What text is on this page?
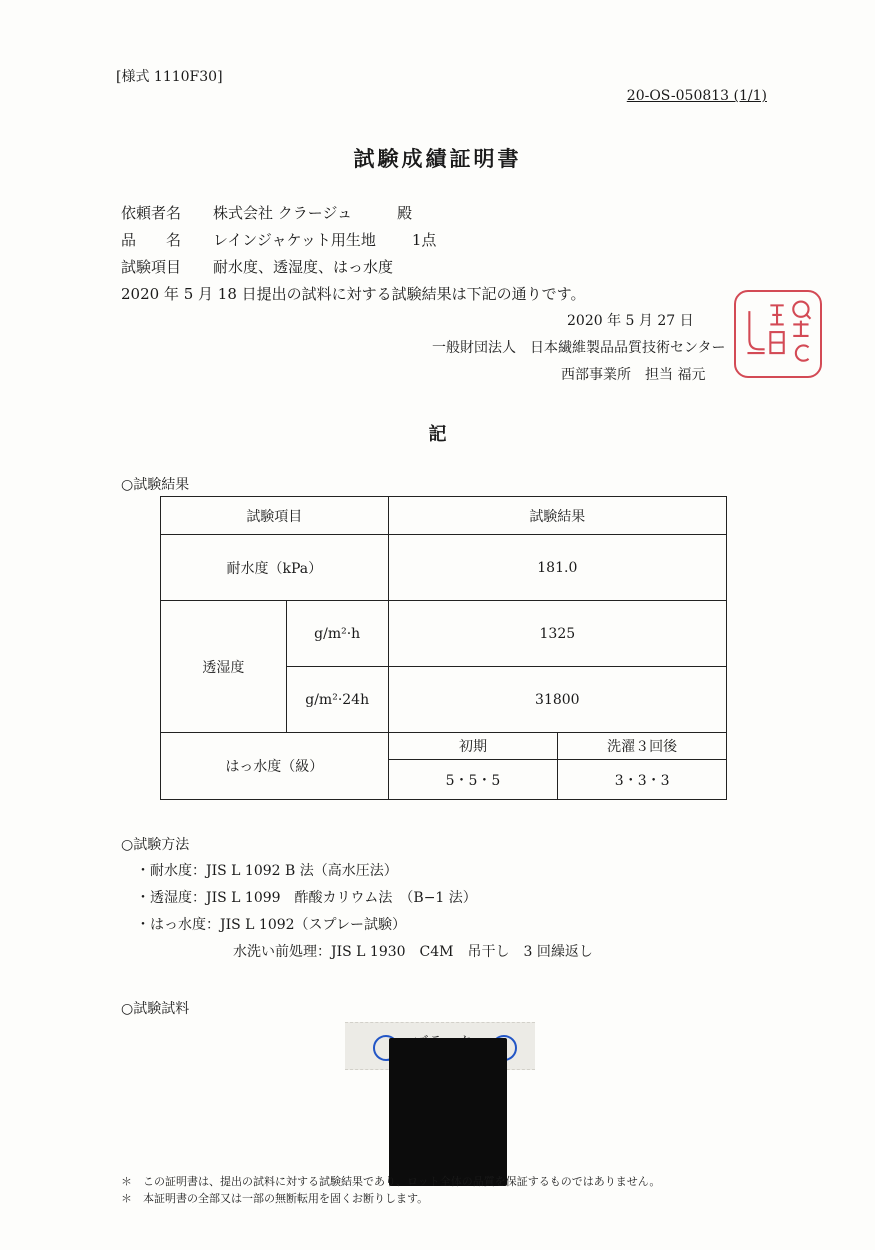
[様式 1110F30]
20-OS-050813 (1/1)
試験成績証明書
依頼者名	株式会社 クラージュ　　　殿
品　　名	レインジャケット用生地 1点
試験項目	耐水度、透湿度、はっ水度
2020 年 5 月 18 日提出の試料に対する試験結果は下記の通りです。
2020 年 5 月 27 日
一般財団法人　日本繊維製品品質技術センター
西部事業所　担当 福元
記
○試験結果
試験項目		試験結果	
耐水度（kPa）		181.0	
透湿度	g/m²·h	1325	
	g/m²·24h	31800	
はっ水度（級）		初期	洗濯３回後
		5・5・5	3・3・3
○試験方法
・耐水度：JIS L 1092 B 法（高水圧法）
・透湿度：JIS L 1099　酢酸カリウム法　（B−1 法）
・はっ水度：JIS L 1092（スプレー試験）
水洗い前処理：JIS L 1930　C4M　吊干し　3 回繰返し
○試験試料
＊　この証明書は、提出の試料に対する試験結果であり、ロット全体の品質を保証するものではありません。
＊　本証明書の全部又は一部の無断転用を固くお断りします。
